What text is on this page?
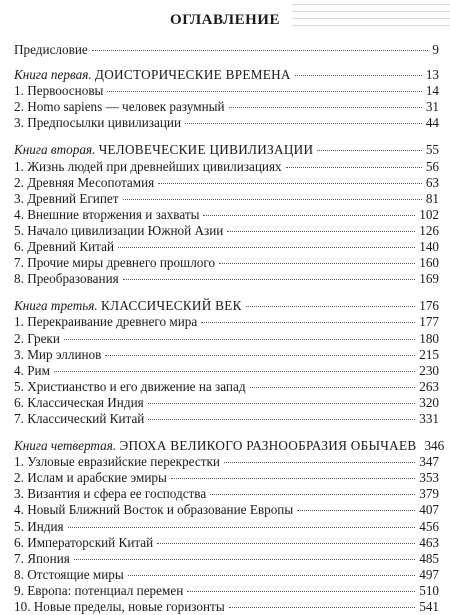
ОГЛАВЛЕНИЕ
Предисловие	9
Книга первая. ДОИСТОРИЧЕСКИЕ ВРЕМЕНА	13
1. Первоосновы	14
2. Homo sapiens — человек разумный	31
3. Предпосылки цивилизации	44
Книга вторая. ЧЕЛОВЕЧЕСКИЕ ЦИВИЛИЗАЦИИ	55
1. Жизнь людей при древнейших цивилизациях	56
2. Древняя Месопотамия	63
3. Древний Египет	81
4. Внешние вторжения и захваты	102
5. Начало цивилизации Южной Азии	126
6. Древний Китай	140
7. Прочие миры древнего прошлого	160
8. Преобразования	169
Книга третья. КЛАССИЧЕСКИЙ ВЕК	176
1. Перекраивание древнего мира	177
2. Греки	180
3. Мир эллинов	215
4. Рим	230
5. Христианство и его движение на запад	263
6. Классическая Индия	320
7. Классический Китай	331
Книга четвертая. ЭПОХА ВЕЛИКОГО РАЗНООБРАЗИЯ ОБЫЧАЕВ 346
1. Узловые евразийские перекрестки	347
2. Ислам и арабские эмиры	353
3. Византия и сфера ее господства	379
4. Новый Ближний Восток и образование Европы	407
5. Индия	456
6. Императорский Китай	463
7. Япония	485
8. Отстоящие миры	497
9. Европа: потенциал перемен	510
10. Новые пределы, новые горизонты	541
